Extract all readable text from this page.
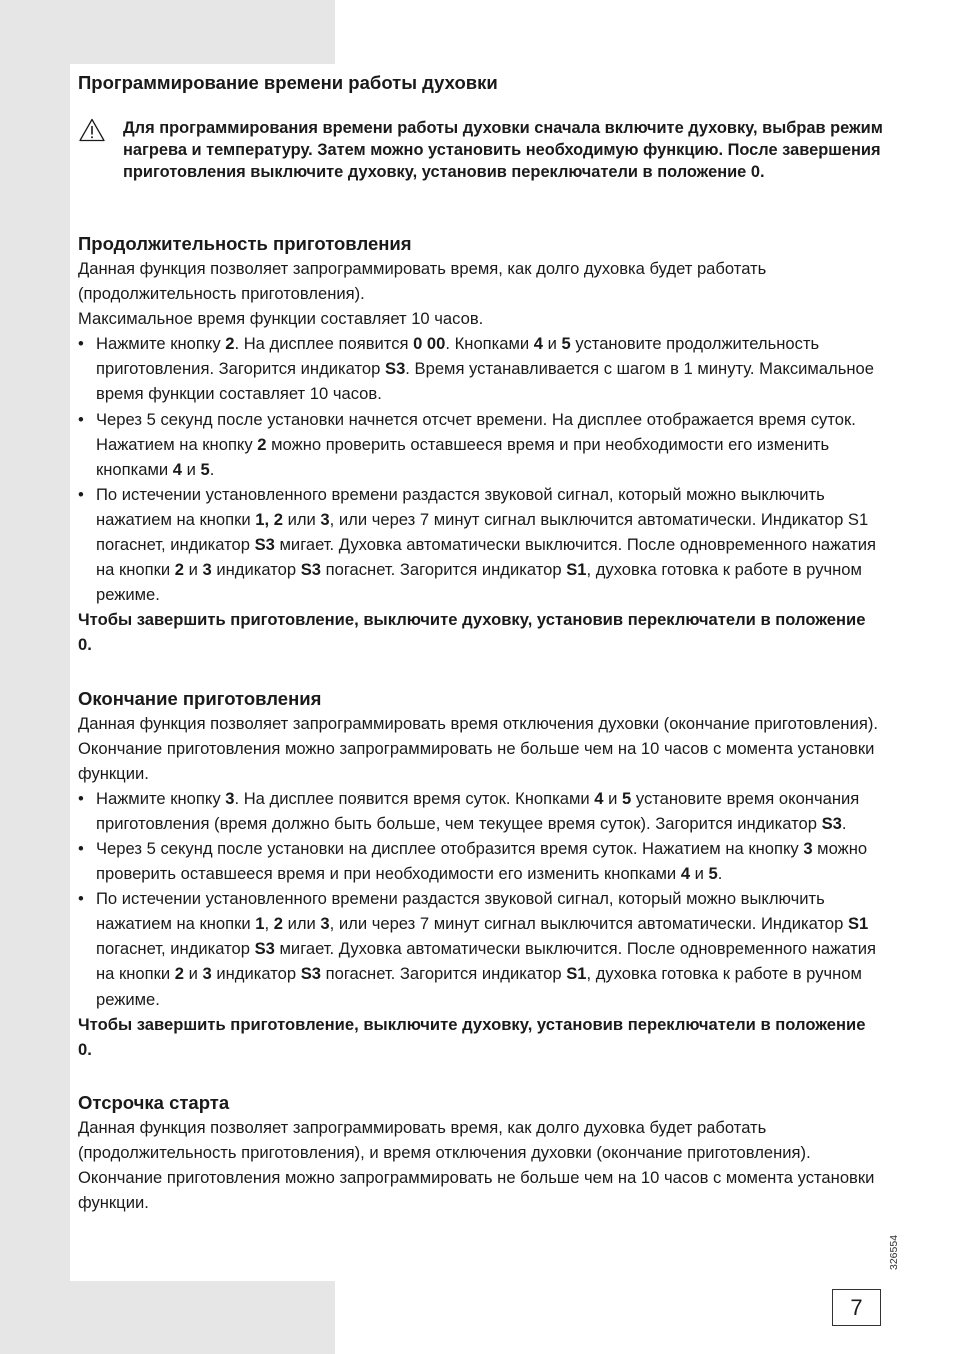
Программирование времени работы духовки

Для программирования времени работы духовки сначала включите духовку, выбрав режим нагрева и температуру. Затем можно установить необходимую функцию. После завершения приготовления выключите духовку, установив переключатели в положение 0.

Продолжительность приготовления

Данная функция позволяет запрограммировать время, как долго духовка будет работать (продолжительность приготовления).

Максимальное время функции составляет 10 часов.

• Нажмите кнопку 2. На дисплее появится 0 00. Кнопками 4 и 5 установите продолжительность приготовления. Загорится индикатор S3. Время устанавливается с шагом в 1 минуту. Максимальное время функции составляет 10 часов.
• Через 5 секунд после установки начнется отсчет времени. На дисплее отображается время суток. Нажатием на кнопку 2 можно проверить оставшееся время и при необходимости его изменить кнопками 4 и 5.
• По истечении установленного времени раздастся звуковой сигнал, который можно выключить нажатием на кнопки 1, 2 или 3, или через 7 минут сигнал выключится автоматически. Индикатор S1 погаснет, индикатор S3 мигает. Духовка автоматически выключится. После одновременного нажатия на кнопки 2 и 3 индикатор S3 погаснет. Загорится индикатор S1, духовка готовка к работе в ручном режиме.

Чтобы завершить приготовление, выключите духовку, установив переключатели в положение 0.

Окончание приготовления

Данная функция позволяет запрограммировать время отключения духовки (окончание приготовления).

Окончание приготовления можно запрограммировать не больше чем на 10 часов с момента установки функции.

• Нажмите кнопку 3. На дисплее появится время суток. Кнопками 4 и 5 установите время окончания приготовления (время должно быть больше, чем текущее время суток). Загорится индикатор S3.
• Через 5 секунд после установки на дисплее отобразится время суток. Нажатием на кнопку 3 можно проверить оставшееся время и при необходимости его изменить кнопками 4 и 5.
• По истечении установленного времени раздастся звуковой сигнал, который можно выключить нажатием на кнопки 1, 2 или 3, или через 7 минут сигнал выключится автоматически. Индикатор S1 погаснет, индикатор S3 мигает. Духовка автоматически выключится. После одновременного нажатия на кнопки 2 и 3 индикатор S3 погаснет. Загорится индикатор S1, духовка готовка к работе в ручном режиме.

Чтобы завершить приготовление, выключите духовку, установив переключатели в положение 0.

Отсрочка старта

Данная функция позволяет запрограммировать время, как долго духовка будет работать (продолжительность приготовления), и время отключения духовки (окончание приготовления).

Окончание приготовления можно запрограммировать не больше чем на 10 часов с момента установки функции.

326554
7
